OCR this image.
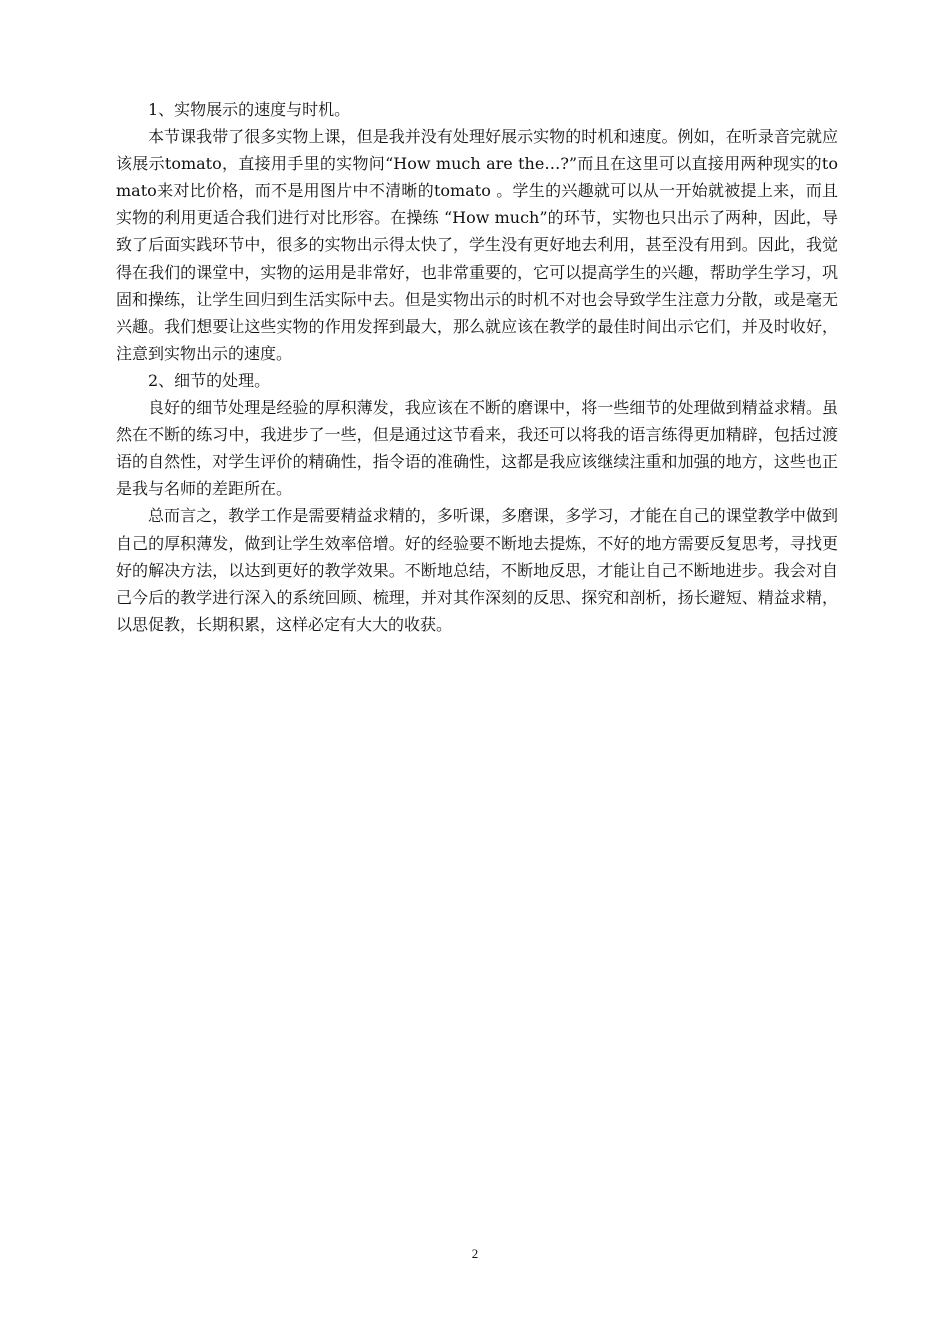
1、实物展示的速度与时机。

本节课我带了很多实物上课，但是我并没有处理好展示实物的时机和速度。例如，在听录音完就应该展示tomato，直接用手里的实物问“How much are the…?”而且在这里可以直接用两种现实的tomato来对比价格，而不是用图片中不清晰的tomato 。学生的兴趣就可以从一开始就被提上来，而且实物的利用更适合我们进行对比形容。在操练 “How much”的环节，实物也只出示了两种，因此，导致了后面实践环节中，很多的实物出示得太快了，学生没有更好地去利用，甚至没有用到。因此，我觉得在我们的课堂中，实物的运用是非常好，也非常重要的，它可以提高学生的兴趣，帮助学生学习，巩固和操练，让学生回归到生活实际中去。但是实物出示的时机不对也会导致学生注意力分散，或是毫无兴趣。我们想要让这些实物的作用发挥到最大，那么就应该在教学的最佳时间出示它们，并及时收好，注意到实物出示的速度。

2、细节的处理。

良好的细节处理是经验的厚积薄发，我应该在不断的磨课中，将一些细节的处理做到精益求精。虽然在不断的练习中，我进步了一些，但是通过这节看来，我还可以将我的语言练得更加精辟，包括过渡语的自然性，对学生评价的精确性，指令语的准确性，这都是我应该继续注重和加强的地方，这些也正是我与名师的差距所在。

总而言之，教学工作是需要精益求精的，多听课，多磨课，多学习，才能在自己的课堂教学中做到自己的厚积薄发，做到让学生效率倍增。好的经验要不断地去提炼，不好的地方需要反复思考，寻找更好的解决方法，以达到更好的教学效果。不断地总结，不断地反思，才能让自己不断地进步。我会对自己今后的教学进行深入的系统回顾、梳理，并对其作深刻的反思、探究和剖析，扬长避短、精益求精，以思促教，长期积累，这样必定有大大的收获。

2
